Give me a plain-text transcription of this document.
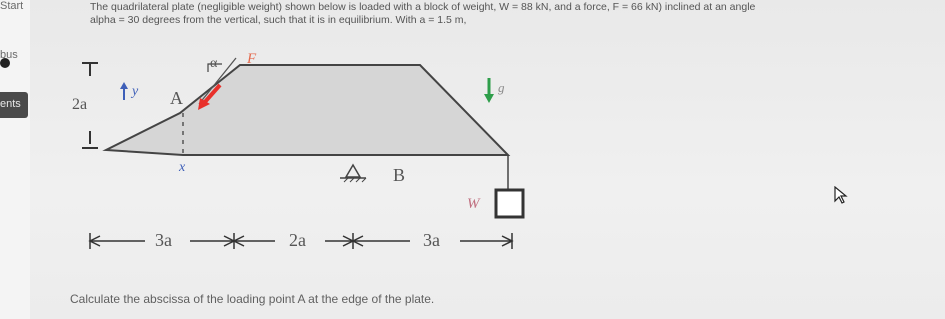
Start
bus
ents
The quadrilateral plate (negligible weight) shown below is loaded with a block of weight, W = 88 kN, and a force, F = 66 kN) inclined at an angle
alpha = 30 degrees from the vertical, such that it is in equilibrium. With a = 1.5 m,
α F
y A
2a
x	B
W
g
3a	2a	3a
Calculate the abscissa of the loading point A at the edge of the plate.
